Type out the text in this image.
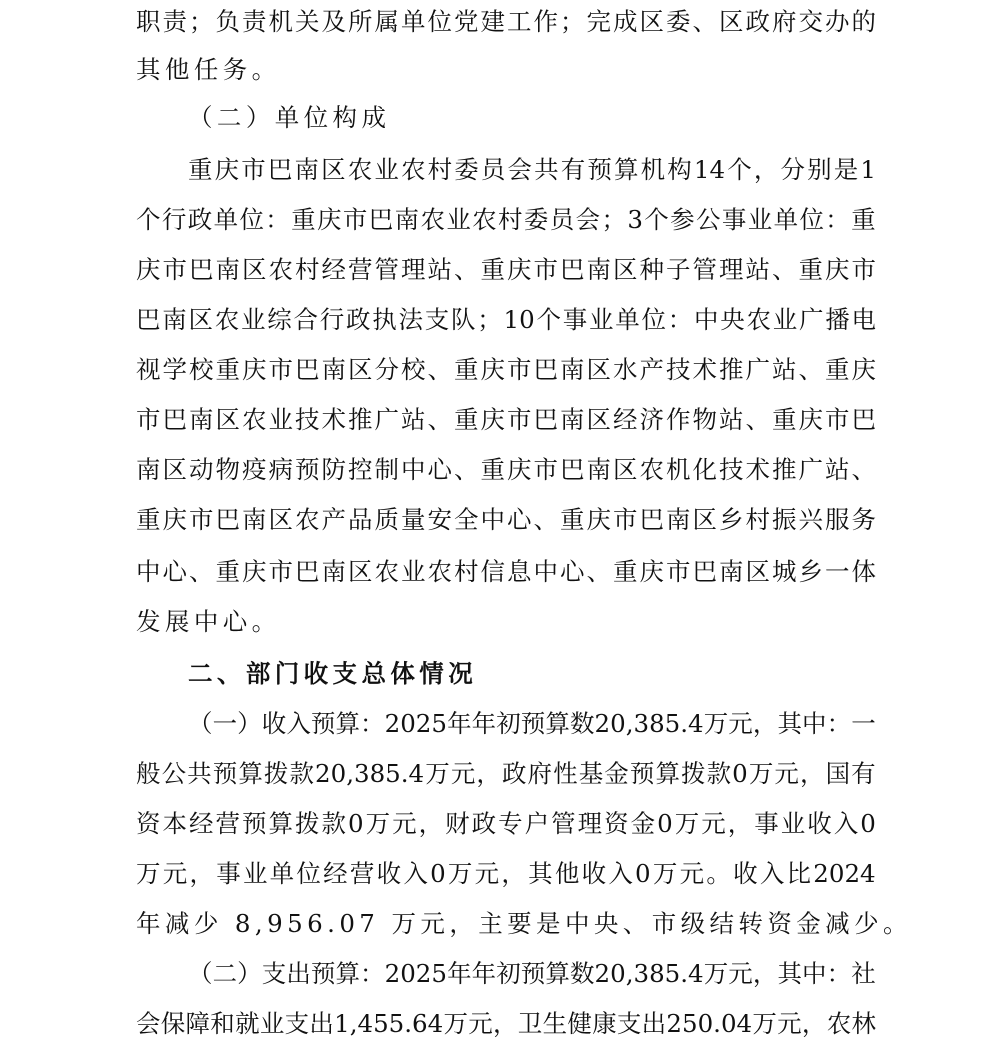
职 责 ； 负 责 机 关 及 所 属 单 位 党 建 工 作 ； 完 成 区 委 、 区 政 府 交 办 的
其他任务。
（二）单位构成
重 庆 市 巴 南 区 农 业 农 村 委 员 会 共 有 预 算 机 构 14 个 ， 分 别 是 1
个 行 政 单 位 ： 重 庆 市 巴 南 农 业 农 村 委 员 会 ； 3 个 参 公 事 业 单 位 ： 重
庆 市 巴 南 区 农 村 经 营 管 理 站 、 重 庆 市 巴 南 区 种 子 管 理 站 、 重 庆 市
巴 南 区 农 业 综 合 行 政 执 法 支 队 ； 10 个 事 业 单 位 ： 中 央 农 业 广 播 电
视 学 校 重 庆 市 巴 南 区 分 校 、 重 庆 市 巴 南 区 水 产 技 术 推 广 站 、 重 庆
市 巴 南 区 农 业 技 术 推 广 站 、 重 庆 市 巴 南 区 经 济 作 物 站 、 重 庆 市 巴
南 区 动 物 疫 病 预 防 控 制 中 心 、 重 庆 市 巴 南 区 农 机 化 技 术 推 广 站 、
重 庆 市 巴 南 区 农 产 品 质 量 安 全 中 心 、 重 庆 市 巴 南 区 乡 村 振 兴 服 务
中 心 、 重 庆 市 巴 南 区 农 业 农 村 信 息 中 心 、 重 庆 市 巴 南 区 城 乡 一 体
发展中心。
二、部门收支总体情况
（ 一 ） 收 入 预 算 ： 2025 年 年 初 预 算 数 20,385.4 万 元 ， 其 中 ： 一
般 公 共 预 算 拨 款 20,385.4 万 元 ， 政 府 性 基 金 预 算 拨 款 0 万 元 ， 国 有
资 本 经 营 预 算 拨 款 0 万 元 ， 财 政 专 户 管 理 资 金 0 万 元 ， 事 业 收 入 0
万 元 ， 事 业 单 位 经 营 收 入 0 万 元 ， 其 他 收 入 0 万 元 。 收 入 比 2024
年减少 8,956.07 万元，主要是中央、市级结转资金减少。
（ 二 ） 支 出 预 算 ： 2025 年 年 初 预 算 数 20,385.4 万 元 ， 其 中 ： 社
会 保 障 和 就 业 支 出 1,455.64 万 元 ， 卫 生 健 康 支 出 250.04 万 元 ， 农 林
